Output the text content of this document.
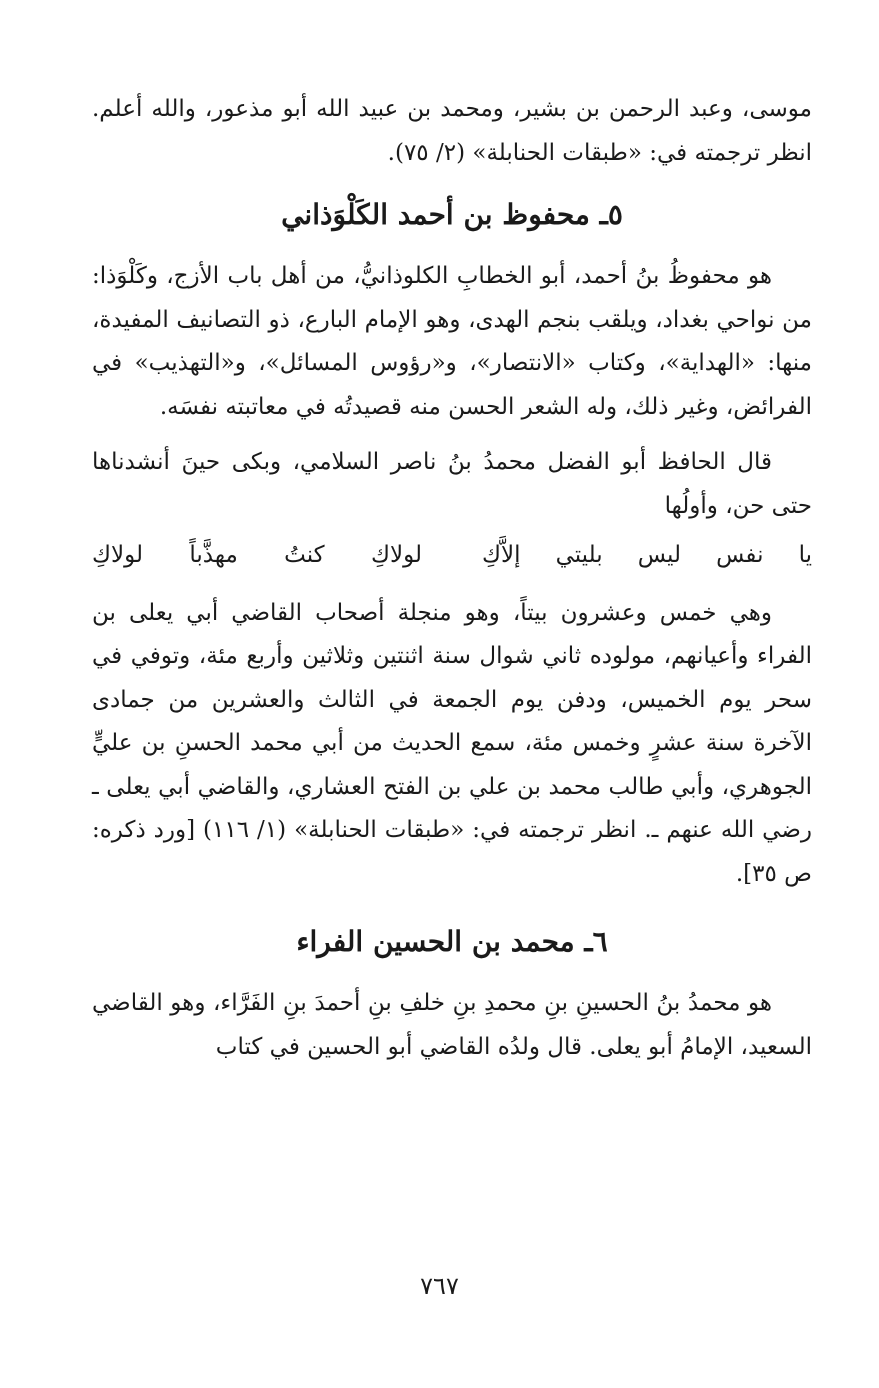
موسى، وعبد الرحمن بن بشير، ومحمد بن عبيد الله أبو مذعور، والله أعلم. انظر ترجمته في: «طبقات الحنابلة» (٢/ ٧٥).

٥ـ محفوظ بن أحمد الكَلْوَذاني

هو محفوظُ بنُ أحمد، أبو الخطابِ الكلوذانيُّ، من أهل باب الأزج، وكَلْوَذا: من نواحي بغداد، ويلقب بنجم الهدى، وهو الإمام البارع، ذو التصانيف المفيدة، منها: «الهداية»، وكتاب «الانتصار»، و«رؤوس المسائل»، و«التهذيب» في الفرائض، وغير ذلك، وله الشعر الحسن منه قصيدتُه في معاتبته نفسَه.

قال الحافظ أبو الفضل محمدُ بنُ ناصر السلامي، وبكى حينَ أنشدناها حتى حن، وأولُها

يا نفس ليس بليتي إلاَّكِ
لولاكِ كنتُ مهذَّباً لولاكِ

وهي خمس وعشرون بيتاً، وهو منجلة أصحاب القاضي أبي يعلى بن الفراء وأعيانهم، مولوده ثاني شوال سنة اثنتين وثلاثين وأربع مئة، وتوفي في سحر يوم الخميس، ودفن يوم الجمعة في الثالث والعشرين من جمادى الآخرة سنة عشرٍ وخمس مئة، سمع الحديث من أبي محمد الحسنِ بن عليٍّ الجوهري، وأبي طالب محمد بن علي بن الفتح العشاري، والقاضي أبي يعلى ـ رضي الله عنهم ـ. انظر ترجمته في: «طبقات الحنابلة» (١/ ١١٦) [ورد ذكره: ص ٣٥].

٦ـ محمد بن الحسين الفراء

هو محمدُ بنُ الحسينِ بنِ محمدِ بنِ خلفِ بنِ أحمدَ بنِ الفَرَّاء، وهو القاضي السعيد، الإمامُ أبو يعلى. قال ولدُه القاضي أبو الحسين في كتاب

٧٦٧
